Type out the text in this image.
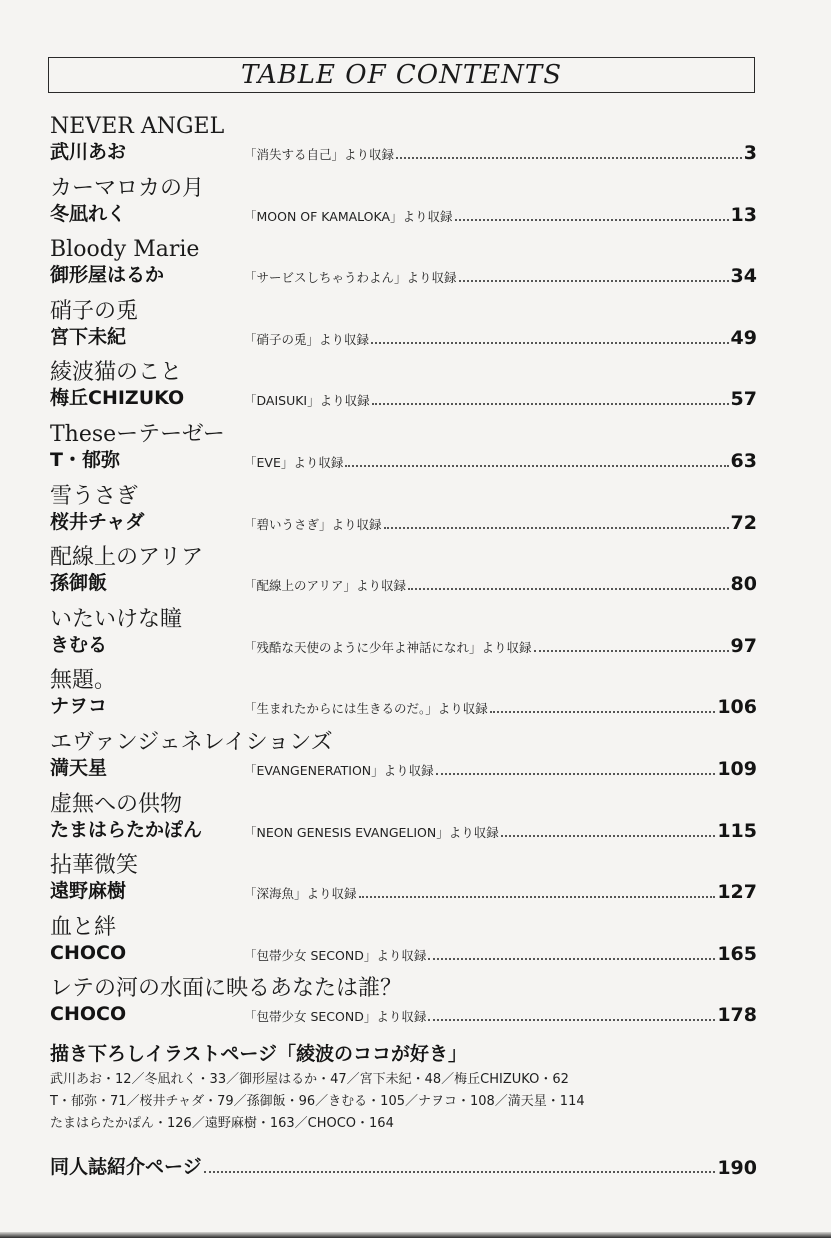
TABLE OF CONTENTS
NEVER ANGEL
武川あお	「消失する自己」より収録	3
カーマロカの月
冬凪れく	「MOON OF KAMALOKA」より収録	13
Bloody Marie
御形屋はるか	「サービスしちゃうわよん」より収録	34
硝子の兎
宮下未紀	「硝子の兎」より収録	49
綾波猫のこと
梅丘CHIZUKO	「DAISUKI」より収録	57
Theseーテーゼー
T・郁弥	「EVE」より収録	63
雪うさぎ
桜井チャダ	「碧いうさぎ」より収録	72
配線上のアリア
孫御飯	「配線上のアリア」より収録	80
いたいけな瞳
きむる	「残酷な天使のように少年よ神話になれ」より収録	97
無題。
ナヲコ	「生まれたからには生きるのだ。」より収録	106
エヴァンジェネレイションズ
満天星	「EVANGENERATION」より収録	109
虚無への供物
たまはらたかぽん	「NEON GENESIS EVANGELION」より収録	115
拈華微笑
遠野麻樹	「深海魚」より収録	127
血と絆
CHOCO	「包帯少女 SECOND」より収録	165
レテの河の水面に映るあなたは誰？
CHOCO	「包帯少女 SECOND」より収録	178
描き下ろしイラストページ「綾波のココが好き」
武川あお・12／冬凪れく・33／御形屋はるか・47／宮下未紀・48／梅丘CHIZUKO・62
T・郁弥・71／桜井チャダ・79／孫御飯・96／きむる・105／ナヲコ・108／満天星・114
たまはらたかぽん・126／遠野麻樹・163／CHOCO・164
同人誌紹介ページ	190
